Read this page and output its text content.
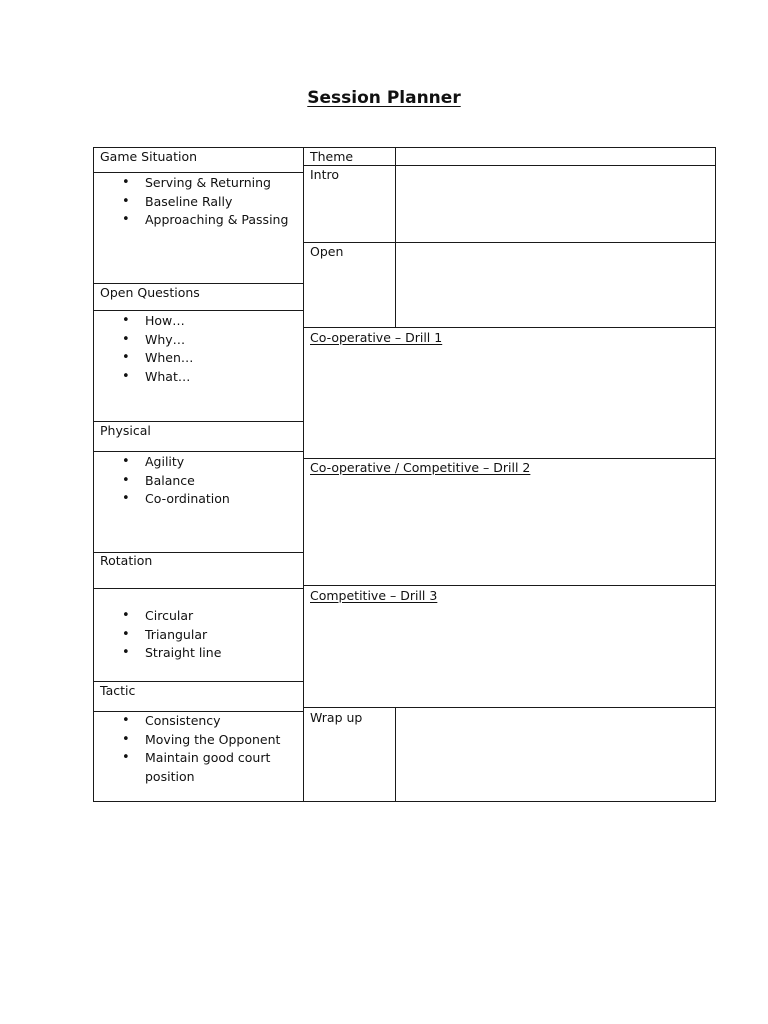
Session Planner
Game Situation
• Serving & Returning
• Baseline Rally
• Approaching & Passing
Open Questions
• How…
• Why…
• When…
• What…
Physical
• Agility
• Balance
• Co-ordination
Rotation
• Circular
• Triangular
• Straight line
Tactic
• Consistency
• Moving the Opponent
• Maintain good court position
Theme
Intro
Open
Co-operative – Drill 1
Co-operative / Competitive – Drill 2
Competitive – Drill 3
Wrap up
